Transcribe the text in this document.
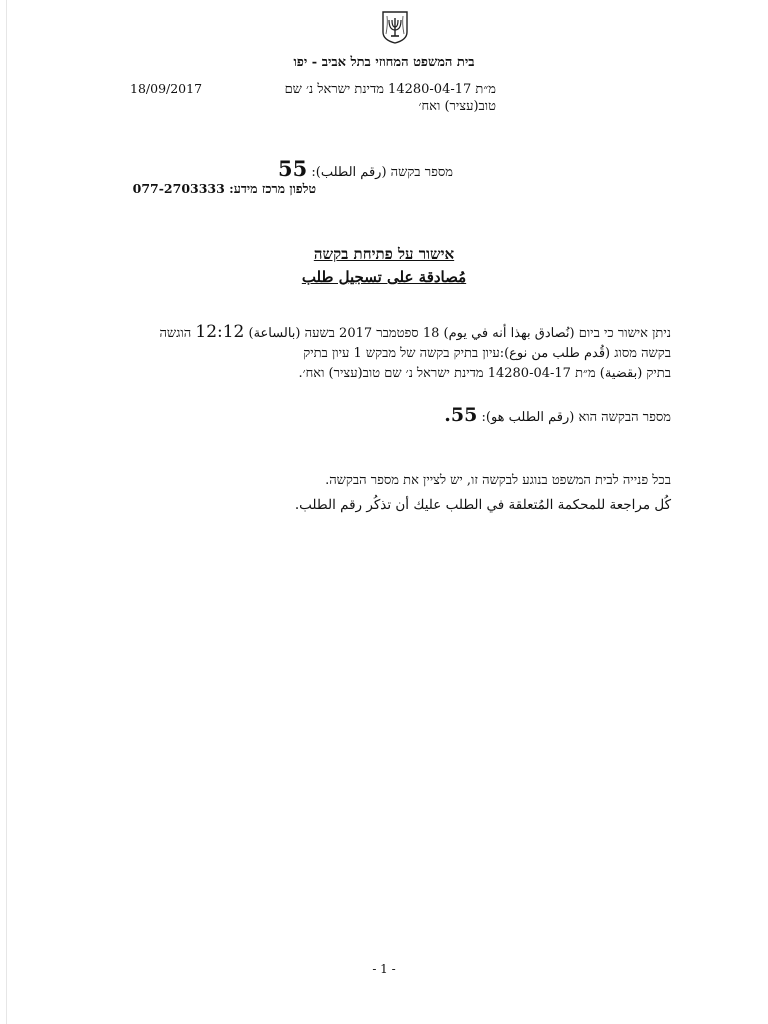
בית המשפט המחוזי בתל אביב - יפו
18/09/2017	מ״ת 14280-04-17 מדינת ישראל נ׳ שם
טוב(עציר) ואח׳
מספר בקשה (رقم الطلب): 55
טלפון מרכז מידע: 077-2703333
אישור על פתיחת בקשה
مُصادقة على تسجيل طلب
ניתן אישור כי ביום (نُصادق بهذا أنه في يوم) 18 ספטמבר 2017 בשעה (بالساعة) 12:12 הוגשה
בקשה מסוג (قُدم طلب من نوع):עיון בתיק בקשה של מבקש 1 עיון בתיק
בתיק (بقضية) מ״ת 14280-04-17 מדינת ישראל נ׳ שם טוב(עציר) ואח׳.
מספר הבקשה הוא (رقم الطلب هو): 55.
בכל פנייה לבית המשפט בנוגע לבקשה זו, יש לציין את מספר הבקשה.
كُل مراجعة للمحكمة المُتعلقة في الطلب عليك أن تذكُر رقم الطلب.
- 1 -
